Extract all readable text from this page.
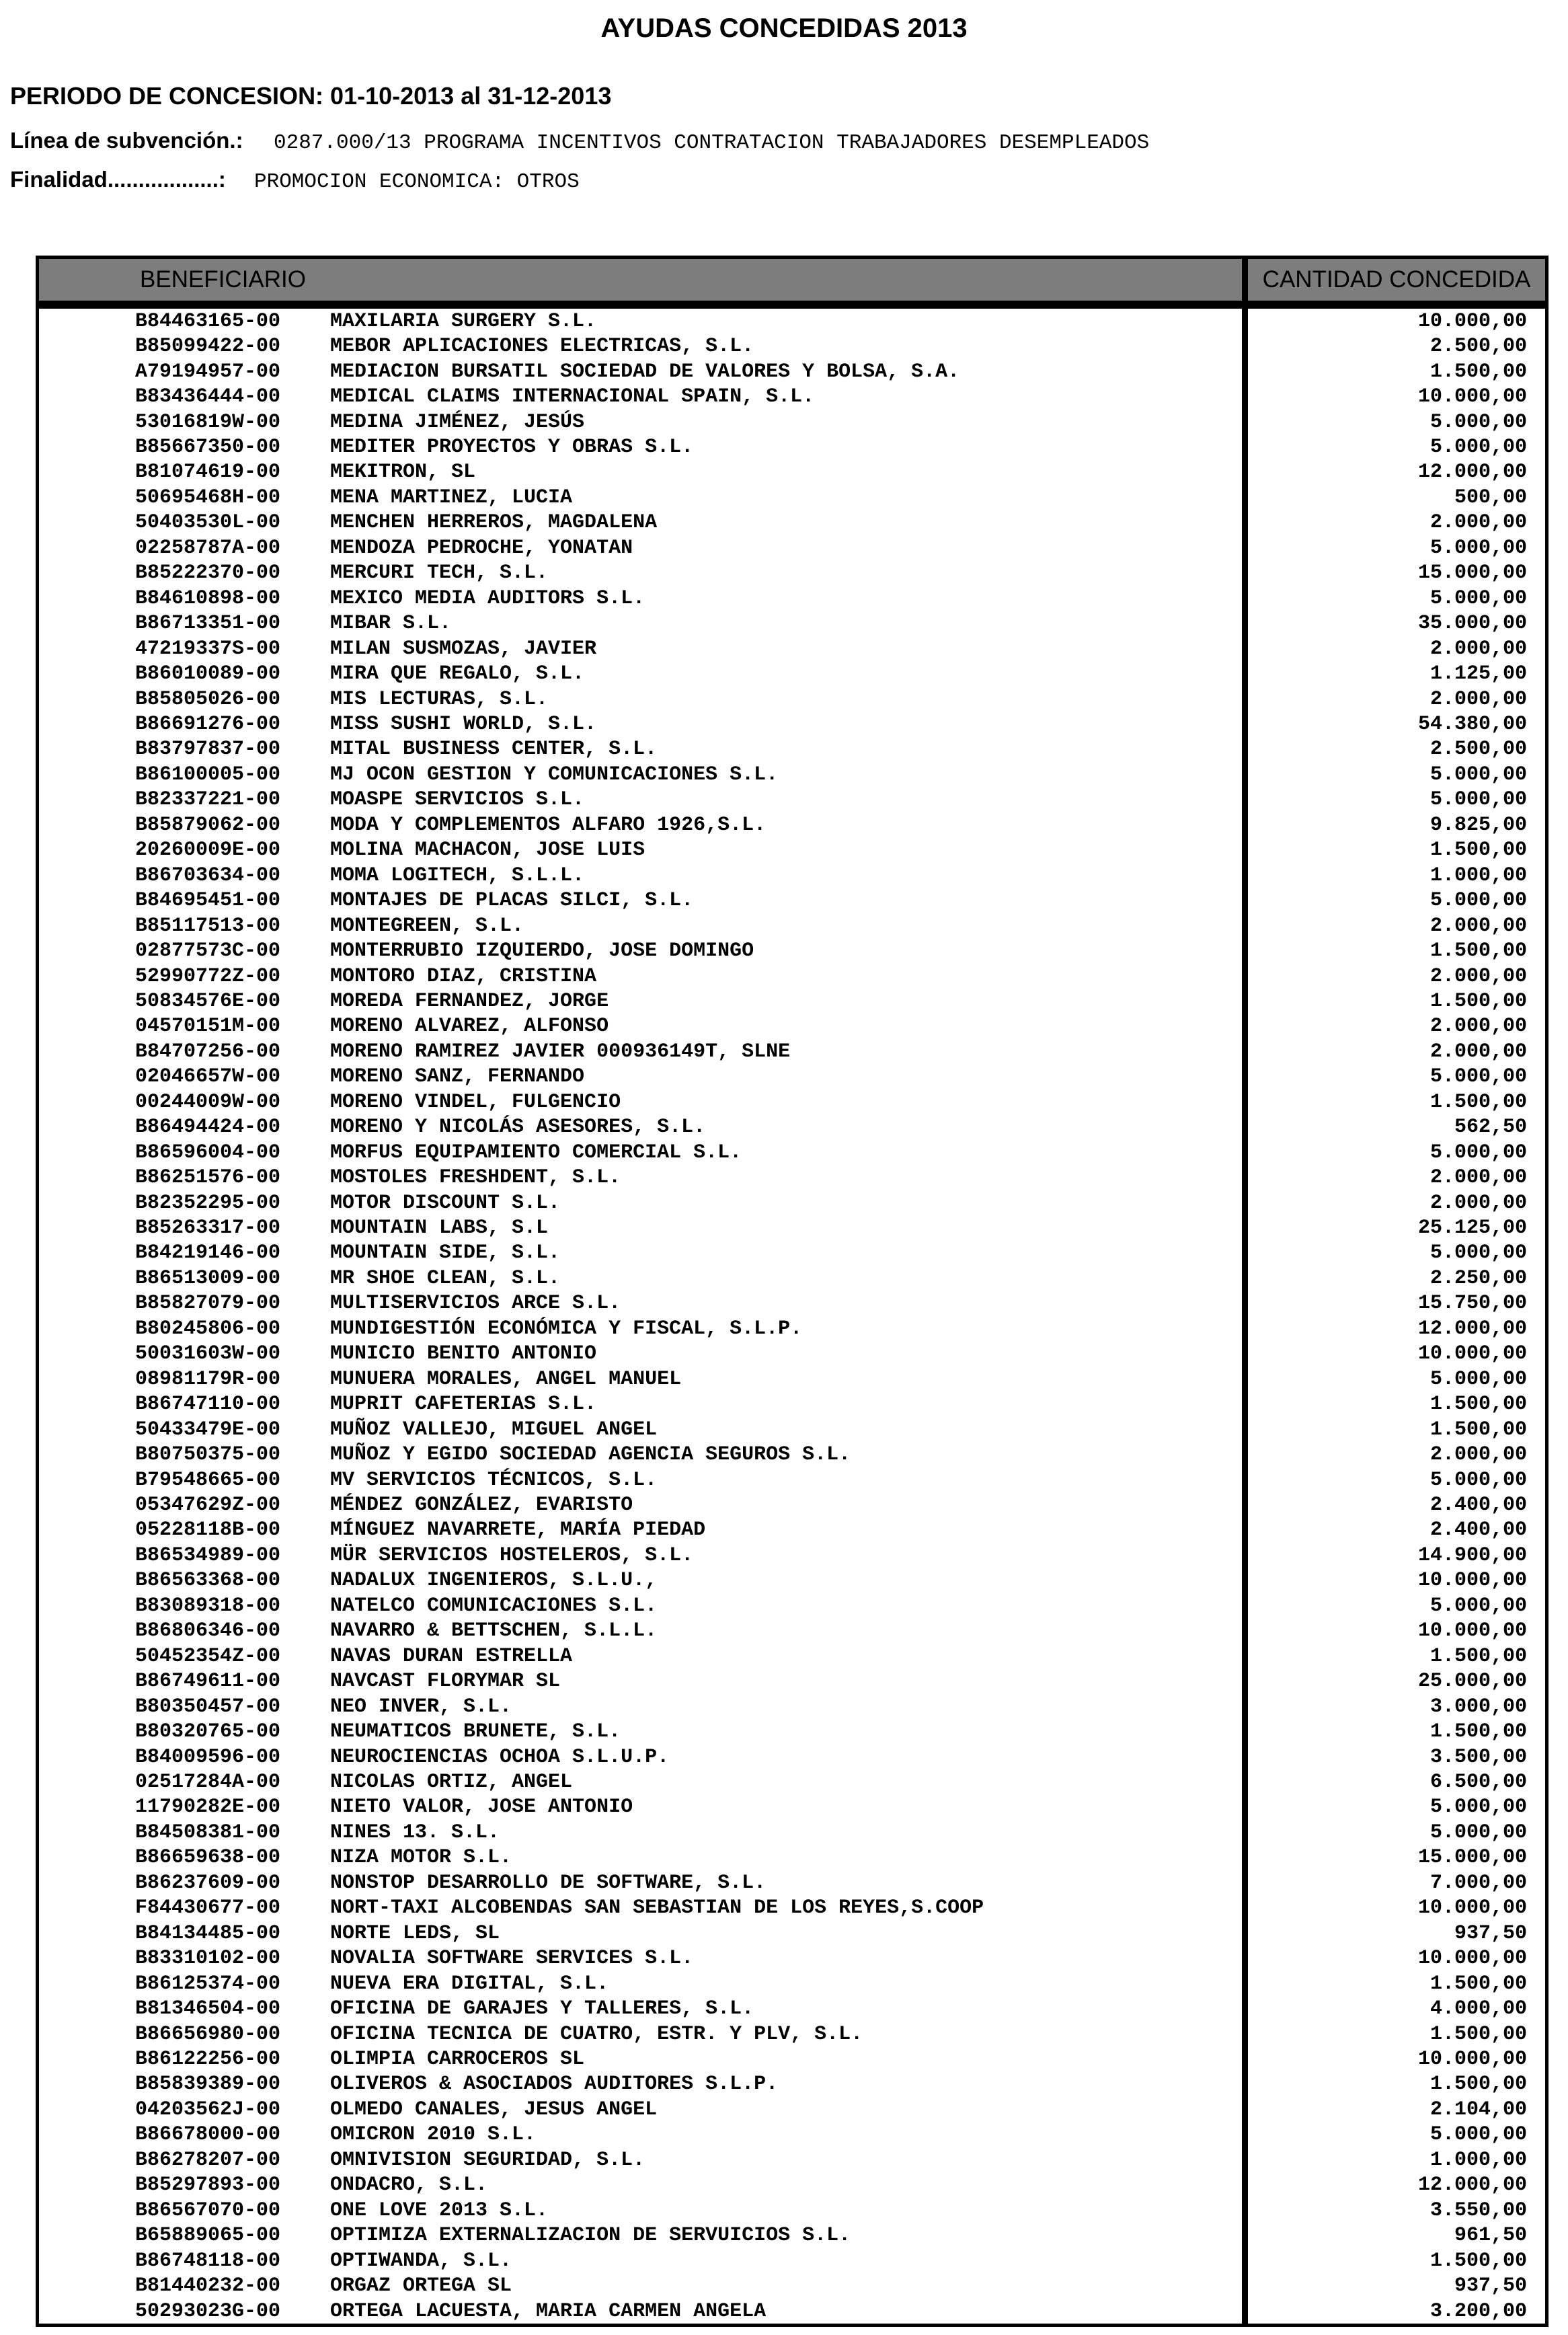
AYUDAS CONCEDIDAS 2013
PERIODO DE CONCESION: 01-10-2013 al 31-12-2013
Línea de subvención.: 0287.000/13 PROGRAMA INCENTIVOS CONTRATACION TRABAJADORES DESEMPLEADOS
Finalidad..................: PROMOCION ECONOMICA: OTROS
BENEFICIARIO	CANTIDAD CONCEDIDA
B84463165-00	MAXILARIA SURGERY S.L.	10.000,00
B85099422-00	MEBOR APLICACIONES ELECTRICAS, S.L.	2.500,00
A79194957-00	MEDIACION BURSATIL SOCIEDAD DE VALORES Y BOLSA, S.A.	1.500,00
B83436444-00	MEDICAL CLAIMS INTERNACIONAL SPAIN, S.L.	10.000,00
53016819W-00	MEDINA JIMÉNEZ, JESÚS	5.000,00
B85667350-00	MEDITER PROYECTOS Y OBRAS S.L.	5.000,00
B81074619-00	MEKITRON, SL	12.000,00
50695468H-00	MENA MARTINEZ, LUCIA	500,00
50403530L-00	MENCHEN HERREROS, MAGDALENA	2.000,00
02258787A-00	MENDOZA PEDROCHE, YONATAN	5.000,00
B85222370-00	MERCURI TECH, S.L.	15.000,00
B84610898-00	MEXICO MEDIA AUDITORS S.L.	5.000,00
B86713351-00	MIBAR S.L.	35.000,00
47219337S-00	MILAN SUSMOZAS, JAVIER	2.000,00
B86010089-00	MIRA QUE REGALO, S.L.	1.125,00
B85805026-00	MIS LECTURAS, S.L.	2.000,00
B86691276-00	MISS SUSHI WORLD, S.L.	54.380,00
B83797837-00	MITAL BUSINESS CENTER, S.L.	2.500,00
B86100005-00	MJ OCON GESTION Y COMUNICACIONES S.L.	5.000,00
B82337221-00	MOASPE SERVICIOS S.L.	5.000,00
B85879062-00	MODA Y COMPLEMENTOS ALFARO 1926,S.L.	9.825,00
20260009E-00	MOLINA MACHACON, JOSE LUIS	1.500,00
B86703634-00	MOMA LOGITECH, S.L.L.	1.000,00
B84695451-00	MONTAJES DE PLACAS SILCI, S.L.	5.000,00
B85117513-00	MONTEGREEN, S.L.	2.000,00
02877573C-00	MONTERRUBIO IZQUIERDO, JOSE DOMINGO	1.500,00
52990772Z-00	MONTORO DIAZ, CRISTINA	2.000,00
50834576E-00	MOREDA FERNANDEZ, JORGE	1.500,00
04570151M-00	MORENO ALVAREZ, ALFONSO	2.000,00
B84707256-00	MORENO RAMIREZ JAVIER 000936149T, SLNE	2.000,00
02046657W-00	MORENO SANZ, FERNANDO	5.000,00
00244009W-00	MORENO VINDEL, FULGENCIO	1.500,00
B86494424-00	MORENO Y NICOLÁS ASESORES, S.L.	562,50
B86596004-00	MORFUS EQUIPAMIENTO COMERCIAL S.L.	5.000,00
B86251576-00	MOSTOLES FRESHDENT, S.L.	2.000,00
B82352295-00	MOTOR DISCOUNT S.L.	2.000,00
B85263317-00	MOUNTAIN LABS, S.L	25.125,00
B84219146-00	MOUNTAIN SIDE, S.L.	5.000,00
B86513009-00	MR SHOE CLEAN, S.L.	2.250,00
B85827079-00	MULTISERVICIOS ARCE S.L.	15.750,00
B80245806-00	MUNDIGESTIÓN ECONÓMICA Y FISCAL, S.L.P.	12.000,00
50031603W-00	MUNICIO BENITO ANTONIO	10.000,00
08981179R-00	MUNUERA MORALES, ANGEL MANUEL	5.000,00
B86747110-00	MUPRIT CAFETERIAS S.L.	1.500,00
50433479E-00	MUÑOZ VALLEJO, MIGUEL ANGEL	1.500,00
B80750375-00	MUÑOZ Y EGIDO SOCIEDAD AGENCIA SEGUROS S.L.	2.000,00
B79548665-00	MV SERVICIOS TÉCNICOS, S.L.	5.000,00
05347629Z-00	MÉNDEZ GONZÁLEZ, EVARISTO	2.400,00
05228118B-00	MÍNGUEZ NAVARRETE, MARÍA PIEDAD	2.400,00
B86534989-00	MÜR SERVICIOS HOSTELEROS, S.L.	14.900,00
B86563368-00	NADALUX INGENIEROS, S.L.U.,	10.000,00
B83089318-00	NATELCO COMUNICACIONES S.L.	5.000,00
B86806346-00	NAVARRO & BETTSCHEN, S.L.L.	10.000,00
50452354Z-00	NAVAS DURAN ESTRELLA	1.500,00
B86749611-00	NAVCAST FLORYMAR SL	25.000,00
B80350457-00	NEO INVER, S.L.	3.000,00
B80320765-00	NEUMATICOS BRUNETE, S.L.	1.500,00
B84009596-00	NEUROCIENCIAS OCHOA S.L.U.P.	3.500,00
02517284A-00	NICOLAS ORTIZ, ANGEL	6.500,00
11790282E-00	NIETO VALOR, JOSE ANTONIO	5.000,00
B84508381-00	NINES 13. S.L.	5.000,00
B86659638-00	NIZA MOTOR S.L.	15.000,00
B86237609-00	NONSTOP DESARROLLO DE SOFTWARE, S.L.	7.000,00
F84430677-00	NORT-TAXI ALCOBENDAS SAN SEBASTIAN DE LOS REYES,S.COOP	10.000,00
B84134485-00	NORTE LEDS, SL	937,50
B83310102-00	NOVALIA SOFTWARE SERVICES S.L.	10.000,00
B86125374-00	NUEVA ERA DIGITAL, S.L.	1.500,00
B81346504-00	OFICINA DE GARAJES Y TALLERES, S.L.	4.000,00
B86656980-00	OFICINA TECNICA DE CUATRO, ESTR. Y PLV, S.L.	1.500,00
B86122256-00	OLIMPIA CARROCEROS SL	10.000,00
B85839389-00	OLIVEROS & ASOCIADOS AUDITORES S.L.P.	1.500,00
04203562J-00	OLMEDO CANALES, JESUS ANGEL	2.104,00
B86678000-00	OMICRON 2010 S.L.	5.000,00
B86278207-00	OMNIVISION SEGURIDAD, S.L.	1.000,00
B85297893-00	ONDACRO, S.L.	12.000,00
B86567070-00	ONE LOVE 2013 S.L.	3.550,00
B65889065-00	OPTIMIZA EXTERNALIZACION DE SERVUICIOS S.L.	961,50
B86748118-00	OPTIWANDA, S.L.	1.500,00
B81440232-00	ORGAZ ORTEGA SL	937,50
50293023G-00	ORTEGA LACUESTA, MARIA CARMEN ANGELA	3.200,00
